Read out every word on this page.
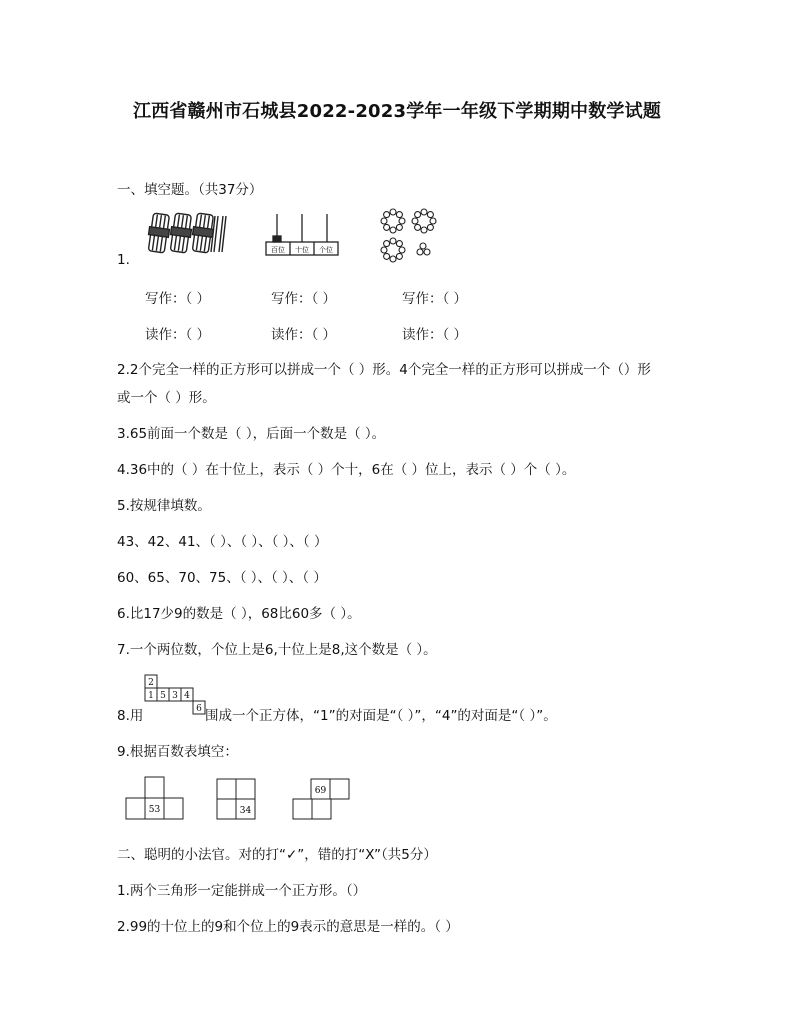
江西省赣州市石城县2022-2023学年一年级下学期期中数学试题
一、填空题。（共37分）
百位 十位 个位
1.
写作：（ ）	写作：（ ）	写作：（ ）
读作：（ ）	读作：（ ）	读作：（ ）
2.2个完全一样的正方形可以拼成一个（ ）形。4个完全一样的正方形可以拼成一个（）形
或一个（ ）形。
3.65前面一个数是（ ），后面一个数是（ ）。
4.36中的（ ）在十位上，表示（ ）个十，6在（ ）位上，表示（ ）个（ ）。
5.按规律填数。
43、42、41、（ ）、（ ）、（ ）、（ ）
60、65、70、75、（ ）、（ ）、（ ）
6.比17少9的数是（ ），68比60多（ ）。
7.一个两位数，个位上是6,十位上是8,这个数是（ ）。
2
1 5 3 4
6
8.用	围成一个正方体，“1”的对面是“（ ）”，“4”的对面是“（ ）”。
9.根据百数表填空：
53	34
69
二、聪明的小法官。对的打“✓”，错的打“X”（共5分）
1.两个三角形一定能拼成一个正方形。（）
2.99的十位上的9和个位上的9表示的意思是一样的。（ ）
